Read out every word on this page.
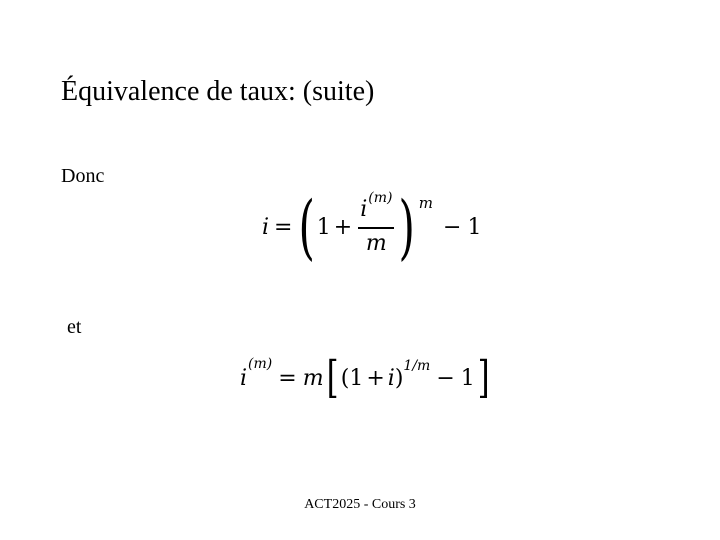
Équivalence de taux: (suite)
Donc
i = ( $1 + \frac{i^{(m)}}{m}$ ) m
− 1
et
i
(m)
= m [ ( 1 + i ) 1/m − 1 ]
ACT2025 - Cours 3
